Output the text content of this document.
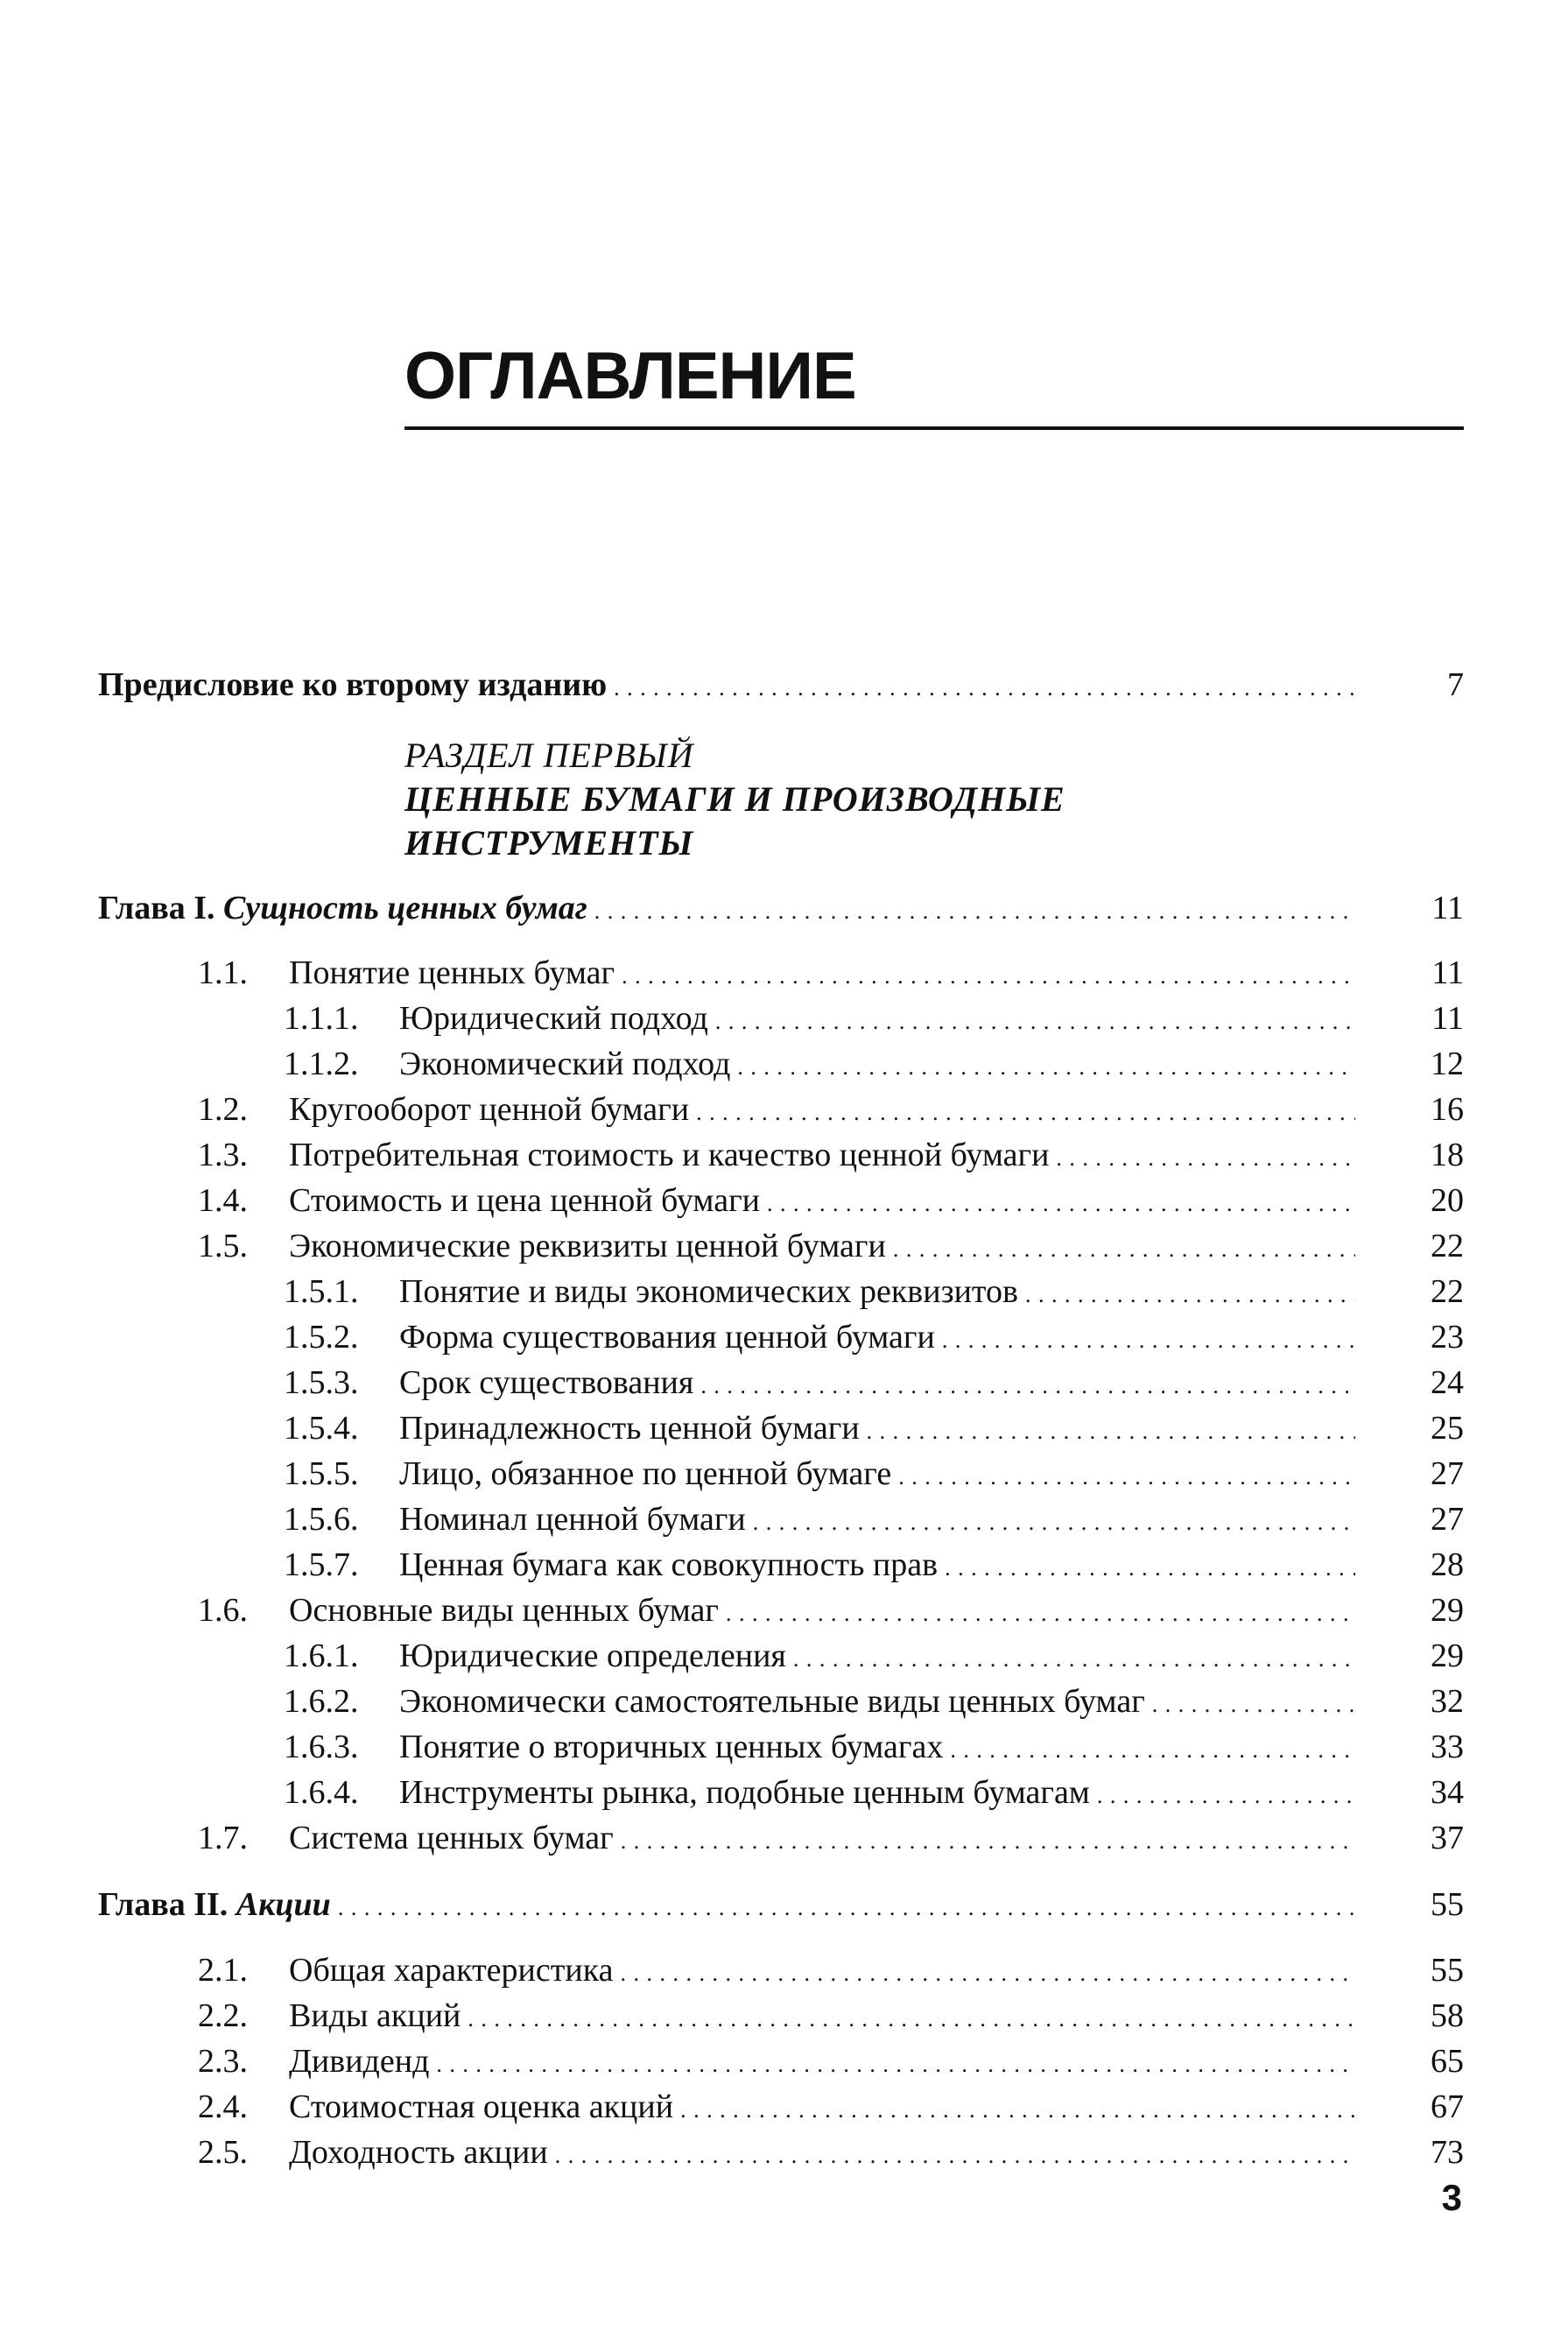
ОГЛАВЛЕНИЕ
Предисловие ко второму изданию . . .	7
Глава I. Сущность ценных бумаг . . .	11
1.1. Понятие ценных бумаг . . .	11
1.1.1. Юридический подход . . .	11
1.1.2. Экономический подход . . .	12
1.2. Кругооборот ценной бумаги . . .	16
1.3. Потребительная стоимость и качество ценной бумаги . . .	18
1.4. Стоимость и цена ценной бумаги . . .	20
1.5. Экономические реквизиты ценной бумаги . . .	22
1.5.1. Понятие и виды экономических реквизитов . . .	22
1.5.2. Форма существования ценной бумаги . . .	23
1.5.3. Срок существования . . .	24
1.5.4. Принадлежность ценной бумаги . . .	25
1.5.5. Лицо, обязанное по ценной бумаге . . .	27
1.5.6. Номинал ценной бумаги . . .	27
1.5.7. Ценная бумага как совокупность прав . . .	28
1.6. Основные виды ценных бумаг . . .	29
1.6.1. Юридические определения . . .	29
1.6.2. Экономически самостоятельные виды ценных бумаг . . .	32
1.6.3. Понятие о вторичных ценных бумагах . . .	33
1.6.4. Инструменты рынка, подобные ценным бумагам . . .	34
1.7. Система ценных бумаг . . .	37
Глава II. Акции . . .	55
2.1. Общая характеристика . . .	55
2.2. Виды акций . . .	58
2.3. Дивиденд . . .	65
2.4. Стоимостная оценка акций . . .	67
2.5. Доходность акции . . .	73
РАЗДЕЛ ПЕРВЫЙ
ЦЕННЫЕ БУМАГИ И ПРОИЗВОДНЫЕ
ИНСТРУМЕНТЫ
3
